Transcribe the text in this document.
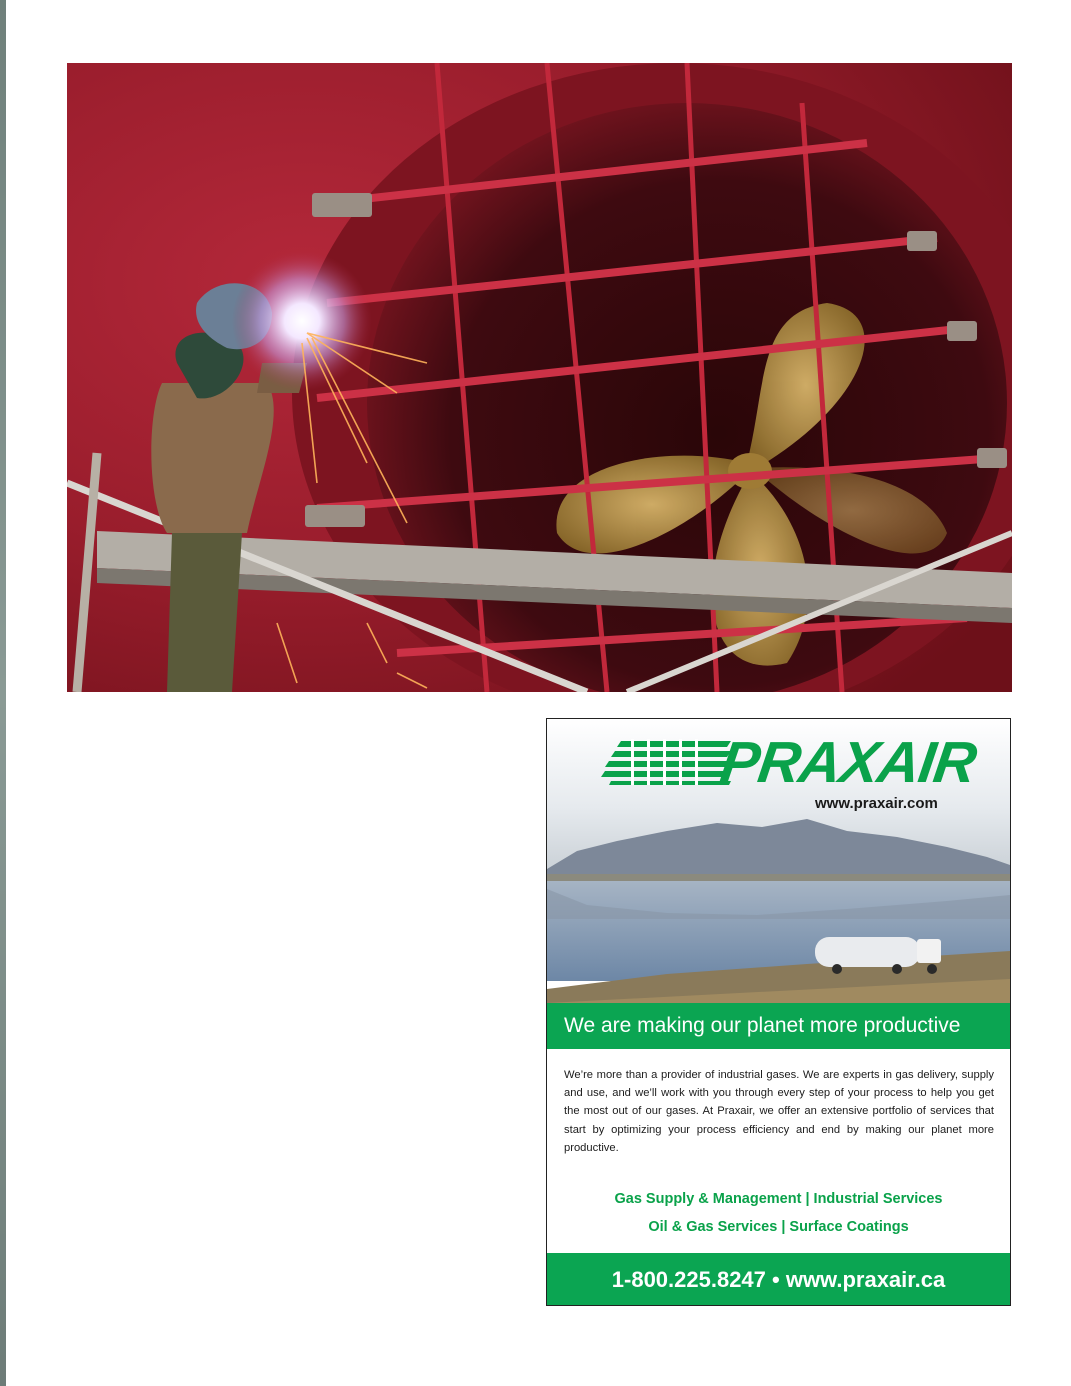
PRAXAIR
www.praxair.com
We are making our planet more productive
We’re more than a provider of industrial gases. We are experts in gas delivery, supply and use, and we’ll work with you through every step of your process to help you get the most out of our gases. At Praxair, we offer an extensive portfolio of services that start by optimizing your process efficiency and end by making our planet more productive.
Gas Supply & Management | Industrial Services
Oil & Gas Services | Surface Coatings
1-800.225.8247 • www.praxair.ca
